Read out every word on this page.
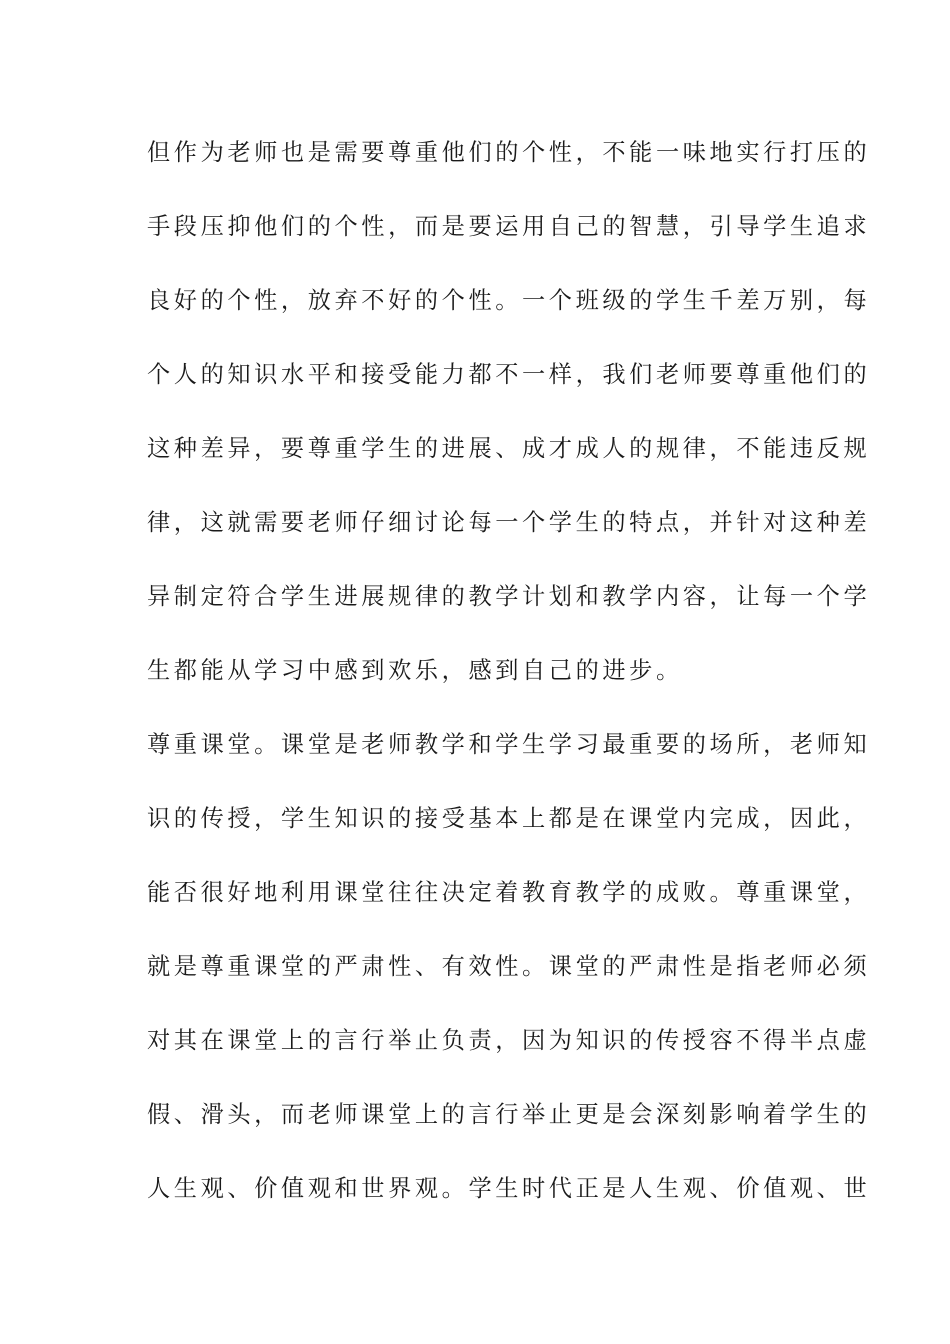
但作为老师也是需要尊重他们的个性，不能一味地实行打压的

手段压抑他们的个性，而是要运用自己的智慧，引导学生追求

良好的个性，放弃不好的个性。一个班级的学生千差万别，每

个人的知识水平和接受能力都不一样，我们老师要尊重他们的

这种差异，要尊重学生的进展、成才成人的规律，不能违反规

律，这就需要老师仔细讨论每一个学生的特点，并针对这种差

异制定符合学生进展规律的教学计划和教学内容，让每一个学

生都能从学习中感到欢乐，感到自己的进步。

尊重课堂。课堂是老师教学和学生学习最重要的场所，老师知

识的传授，学生知识的接受基本上都是在课堂内完成，因此，

能否很好地利用课堂往往决定着教育教学的成败。尊重课堂，

就是尊重课堂的严肃性、有效性。课堂的严肃性是指老师必须

对其在课堂上的言行举止负责，因为知识的传授容不得半点虚

假、滑头，而老师课堂上的言行举止更是会深刻影响着学生的

人生观、价值观和世界观。学生时代正是人生观、价值观、世
